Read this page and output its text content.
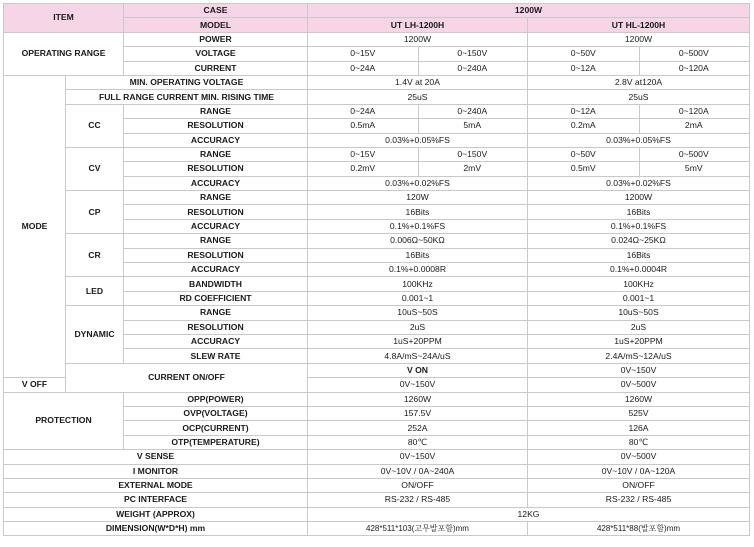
ITEM		CASE	1200W		
		MODEL	UT LH-1200H	UT HL-1200H	
OPERATING RANGE		POWER	1200W	1200W	
		VOLTAGE	0~15V 0~150V	0~50V 0~500V	

		CURRENT	0~24A 0~240A	0~12A 0~120A	

MODE	MIN. OPERATING VOLTAGE		1.4V at 20A	2.8V at120A	
	FULL RANGE CURRENT MIN. RISING TIME		25uS	25uS	
	CC	RANGE	0~24A 0~240A	0~12A 0~120A	

		RESOLUTION	0.5mA 5mA	0.2mA 2mA	

		ACCURACY	0.03%+0.05%FS	0.03%+0.05%FS	
	CV	RANGE	0~15V 0~150V	0~50V 0~500V	

		RESOLUTION	0.2mV 2mV	0.5mV 5mV	

		ACCURACY	0.03%+0.02%FS	0.03%+0.02%FS	
	CP	RANGE	120W	1200W	
		RESOLUTION	16Bits	16Bits	
		ACCURACY	0.1%+0.1%FS	0.1%+0.1%FS	
	CR	RANGE	0.006Ω~50KΩ	0.024Ω~25KΩ	
		RESOLUTION	16Bits	16Bits	
		ACCURACY	0.1%+0.0008R	0.1%+0.0004R	
	LED	BANDWIDTH	100KHz	100KHz	
		RD COEFFICIENT	0.001~1	0.001~1	
	DYNAMIC	RANGE	10uS~50S	10uS~50S	
		RESOLUTION	2uS	2uS	
		ACCURACY	1uS+20PPM	1uS+20PPM	
		SLEW RATE	4.8A/mS~24A/uS	2.4A/mS~12A/uS	
	CURRENT ON/OFF		V ON	0V~150V	
V OFF			0V~150V	0V~500V	
PROTECTION		OPP(POWER)	1260W	1260W	
		OVP(VOLTAGE)	157.5V	525V	
		OCP(CURRENT)	252A	126A	
		OTP(TEMPERATURE)	80℃	80℃	
V SENSE			0V~150V	0V~500V	
I MONITOR			0V~10V / 0A~240A	0V~10V / 0A~120A	
EXTERNAL MODE			ON/OFF	ON/OFF	
PC INTERFACE			RS-232 / RS-485	RS-232 / RS-485	
WEIGHT (APPROX)			12KG		
DIMENSION(W*D*H) mm			428*511*103(고무발포함)mm	428*511*88(발포함)mm	
